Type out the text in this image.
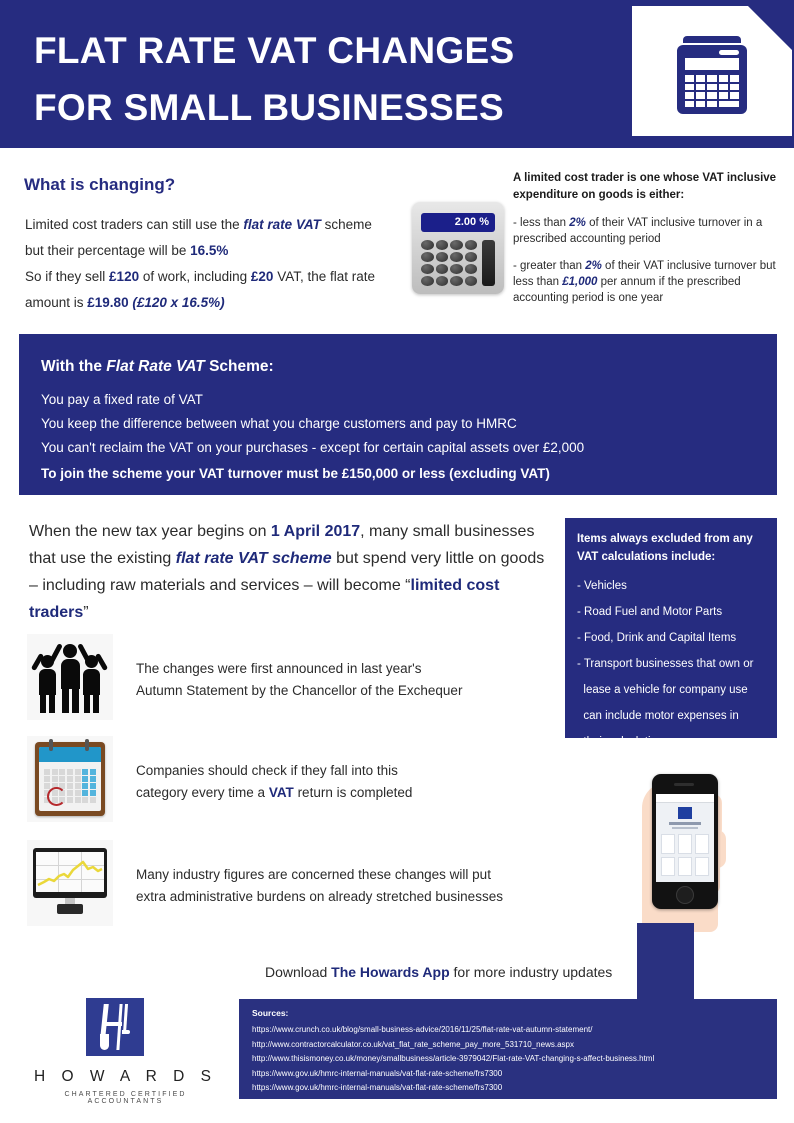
FLAT RATE VAT CHANGES
FOR SMALL BUSINESSES
What is changing?
Limited cost traders can still use the flat rate VAT scheme
but their percentage will be 16.5%
So if they sell £120 of work, including £20 VAT, the flat rate
amount is £19.80 (£120 x 16.5%)
2.00 %
A limited cost trader is one whose VAT inclusive expenditure on goods is either:
- less than 2% of their VAT inclusive turnover in a prescribed accounting period
- greater than 2% of their VAT inclusive turnover but less than £1,000 per annum if the prescribed accounting period is one year
With the Flat Rate VAT Scheme:
You pay a fixed rate of VAT
You keep the difference between what you charge customers and pay to HMRC
You can't reclaim the VAT on your purchases - except for certain capital assets over £2,000
To join the scheme your VAT turnover must be £150,000 or less (excluding VAT)
When the new tax year begins on 1 April 2017, many small businesses that use the existing flat rate VAT scheme but spend very little on goods – including raw materials and services – will become “limited cost traders”
Items always excluded from any VAT calculations include:
- Vehicles
- Road Fuel and Motor Parts
- Food, Drink and Capital Items
- Transport businesses that own or
lease a vehicle for company use
can include motor expenses in
their calculations.
The changes were first announced in last year's
Autumn Statement by the Chancellor of the Exchequer
Companies should check if they fall into this
category every time a VAT return is completed
Many industry figures are concerned these changes will put
extra administrative burdens on already stretched businesses
Download The Howards App for more industry updates
H O W A R D S
CHARTERED CERTIFIED ACCOUNTANTS
Sources:
https://www.crunch.co.uk/blog/small-business-advice/2016/11/25/flat-rate-vat-autumn-statement/
http://www.contractorcalculator.co.uk/vat_flat_rate_scheme_pay_more_531710_news.aspx
http://www.thisismoney.co.uk/money/smallbusiness/article-3979042/Flat-rate-VAT-changing-s-affect-business.html
https://www.gov.uk/hmrc-internal-manuals/vat-flat-rate-scheme/frs7300
https://www.gov.uk/hmrc-internal-manuals/vat-flat-rate-scheme/frs7300
